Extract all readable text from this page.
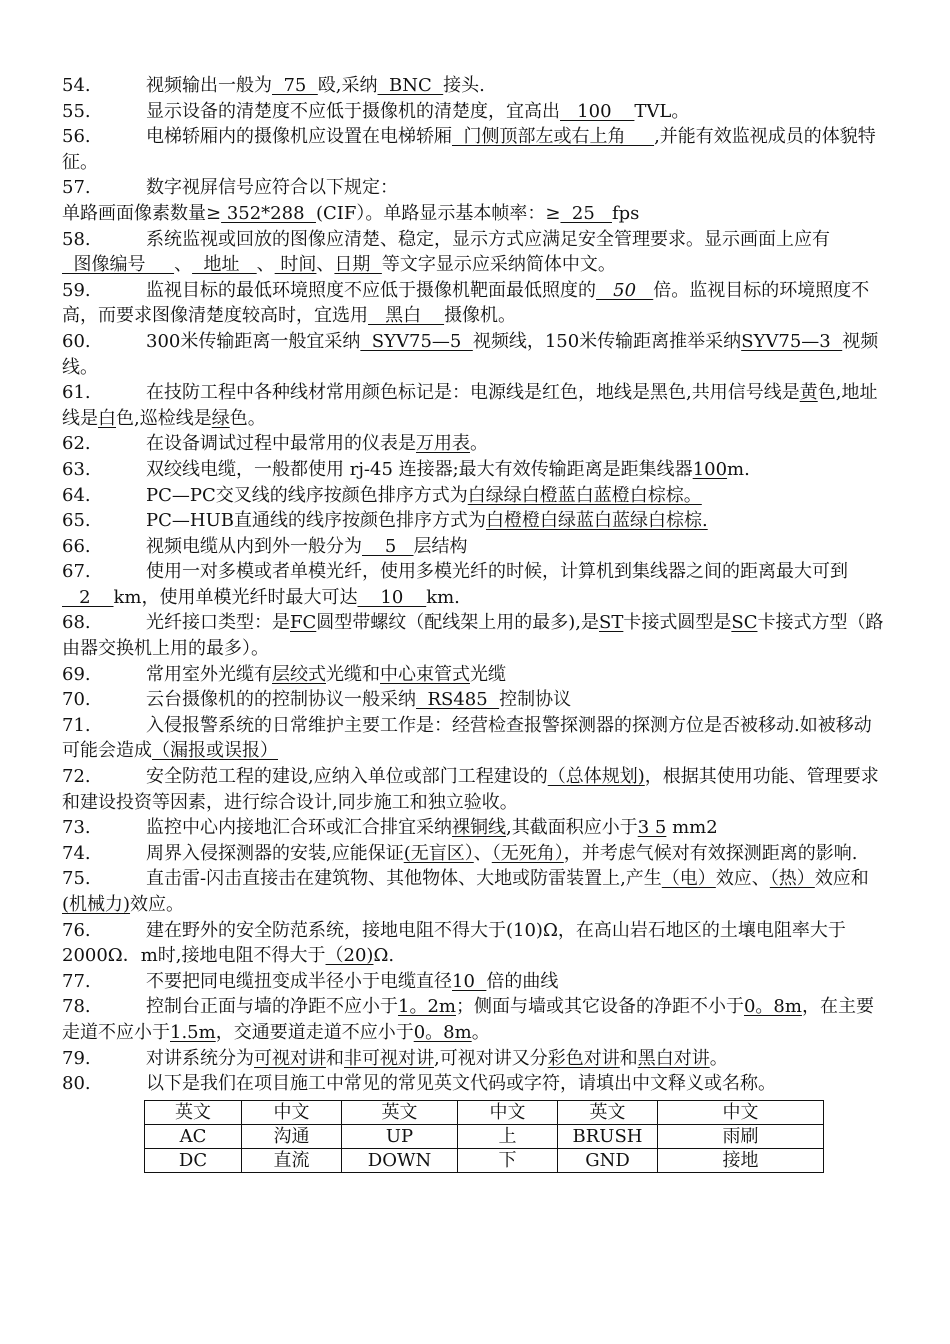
54.	视频输出一般为  75  殴,采纳  BNC  接头.

55.	显示设备的清楚度不应低于摄像机的清楚度，宜高出   100    TVL。

56.	电梯轿厢内的摄像机应设置在电梯轿厢  门侧顶部左或右上角     ,并能有效监视成员的体貌特征。

57.	数字视屏信号应符合以下规定：

单路画面像素数量≥ 352*288  (CIF）。单路显示基本帧率：≥  25   fps

58.	系统监视或回放的图像应清楚、稳定，显示方式应满足安全管理要求。显示画面上应有  图像编号     、  地址   、 时间、日期  等文字显示应采纳简体中文。

59.	监视目标的最低环境照度不应低于摄像机靶面最低照度的   50   倍。监视目标的环境照度不高，而要求图像清楚度较高时，宜选用   黑白    摄像机。

60.	300米传输距离一般宜采纳  SYV75—5  视频线，150米传输距离推举采纳SYV75—3  视频线。

61.	在技防工程中各种线材常用颜色标记是：电源线是红色，地线是黑色,共用信号线是黄色,地址线是白色,巡检线是绿色。

62.	在设备调试过程中最常用的仪表是万用表。

63.	双绞线电缆，一般都使用 rj-45 连接器;最大有效传输距离是距集线器100m.

64.	PC—PC交叉线的线序按颜色排序方式为白绿绿白橙蓝白蓝橙白棕棕。

65.	PC—HUB直通线的线序按颜色排序方式为白橙橙白绿蓝白蓝绿白棕棕.

66.	视频电缆从内到外一般分为    5   层结构

67.	使用一对多模或者单模光纤，使用多模光纤的时候，计算机到集线器之间的距离最大可到   2    km，使用单模光纤时最大可达    10    km.

68.	光纤接口类型：是FC圆型带螺纹（配线架上用的最多),是ST卡接式圆型是SC卡接式方型（路由器交换机上用的最多）。

69.	常用室外光缆有层绞式光缆和中心束管式光缆

70.	云台摄像机的的控制协议一般采纳  RS485  控制协议

71.	入侵报警系统的日常维护主要工作是：经营检查报警探测器的探测方位是否被移动.如被移动可能会造成（漏报或误报）

72.	安全防范工程的建设,应纳入单位或部门工程建设的（总体规划)，根据其使用功能、管理要求和建设投资等因素，进行综合设计,同步施工和独立验收。

73.	监控中心内接地汇合环或汇合排宜采纳裸铜线,其截面积应小于3 5 mm2

74.	周界入侵探测器的安装,应能保证(无盲区）、（无死角），并考虑气候对有效探测距离的影响.

75.	直击雷-闪击直接击在建筑物、其他物体、大地或防雷装置上,产生（电）效应、（热）效应和(机械力)效应。

76.	建在野外的安全防范系统，接地电阻不得大于(10)Ω，在高山岩石地区的土壤电阻率大于2000Ω．m时,接地电阻不得大于（20)Ω.

77.	不要把同电缆扭变成半径小于电缆直径10  倍的曲线

78.	控制台正面与墙的净距不应小于1。2m；侧面与墙或其它设备的净距不小于0。8m，在主要走道不应小于1.5m，交通要道走道不应小于0。8m。

79.	对讲系统分为可视对讲和非可视对讲,可视对讲又分彩色对讲和黑白对讲。

80.	以下是我们在项目施工中常见的常见英文代码或字符，请填出中文释义或名称。

英文	中文	英文	中文	英文	中文
AC	沟通	UP	上	BRUSH	雨刷
DC	直流	DOWN	下	GND	接地
